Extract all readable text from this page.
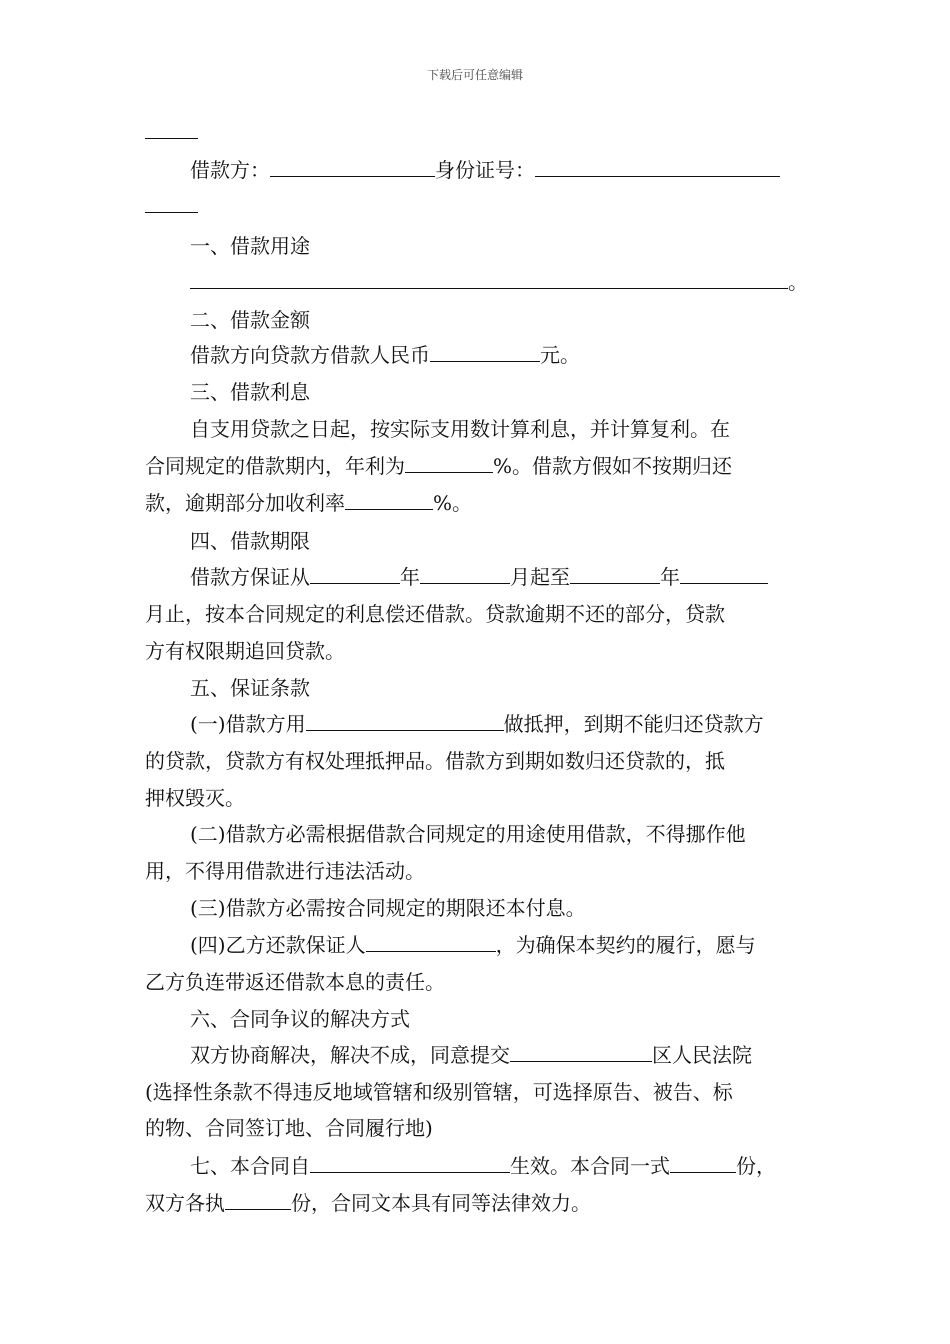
下载后可任意编辑
借款方：	身份证号：
一、借款用途
。
二、借款金额
借款方向贷款方借款人民币	元。
三、借款利息
自支用贷款之日起，按实际支用数计算利息，并计算复利。在
合同规定的借款期内，年利为	%。借款方假如不按期归还
款，逾期部分加收利率	%。
四、借款期限
借款方保证从	年	月起至	年
月止，按本合同规定的利息偿还借款。贷款逾期不还的部分，贷款
方有权限期追回贷款。
五、保证条款
(一)借款方用	做抵押，到期不能归还贷款方
的贷款，贷款方有权处理抵押品。借款方到期如数归还贷款的，抵
押权毁灭。
(二)借款方必需根据借款合同规定的用途使用借款，不得挪作他
用，不得用借款进行违法活动。
(三)借款方必需按合同规定的期限还本付息。
(四)乙方还款保证人	，为确保本契约的履行，愿与
乙方负连带返还借款本息的责任。
六、合同争议的解决方式
双方协商解决，解决不成，同意提交	区人民法院
(选择性条款不得违反地域管辖和级别管辖，可选择原告、被告、标
的物、合同签订地、合同履行地)
七、本合同自	生效。本合同一式	份，
双方各执	份，合同文本具有同等法律效力。
